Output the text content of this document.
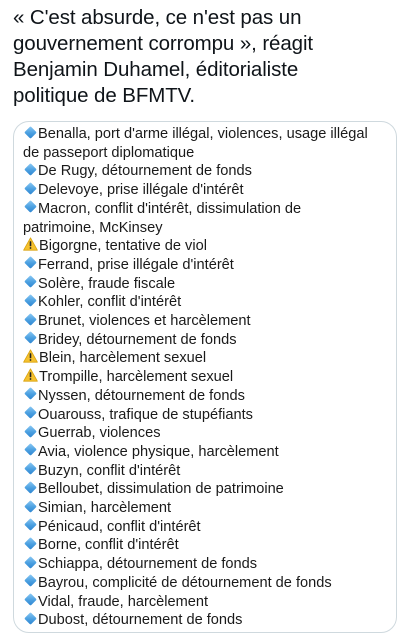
« C'est absurde, ce n'est pas un
gouvernement corrompu », réagit
Benjamin Duhamel, éditorialiste
politique de BFMTV.

Benalla, port d'arme illégal, violences, usage illégal
de passeport diplomatique
De Rugy, détournement de fonds
Delevoye, prise illégale d'intérêt
Macron, conflit d'intérêt, dissimulation de
patrimoine, McKinsey
Bigorgne, tentative de viol
Ferrand, prise illégale d'intérêt
Solère, fraude fiscale
Kohler, conflit d'intérêt
Brunet, violences et harcèlement
Bridey, détournement de fonds
Blein, harcèlement sexuel
Trompille, harcèlement sexuel
Nyssen, détournement de fonds
Ouarouss, trafique de stupéfiants
Guerrab, violences
Avia, violence physique, harcèlement
Buzyn, conflit d'intérêt
Belloubet, dissimulation de patrimoine
Simian, harcèlement
Pénicaud, conflit d'intérêt
Borne, conflit d'intérêt
Schiappa, détournement de fonds
Bayrou, complicité de détournement de fonds
Vidal, fraude, harcèlement
Dubost, détournement de fonds
